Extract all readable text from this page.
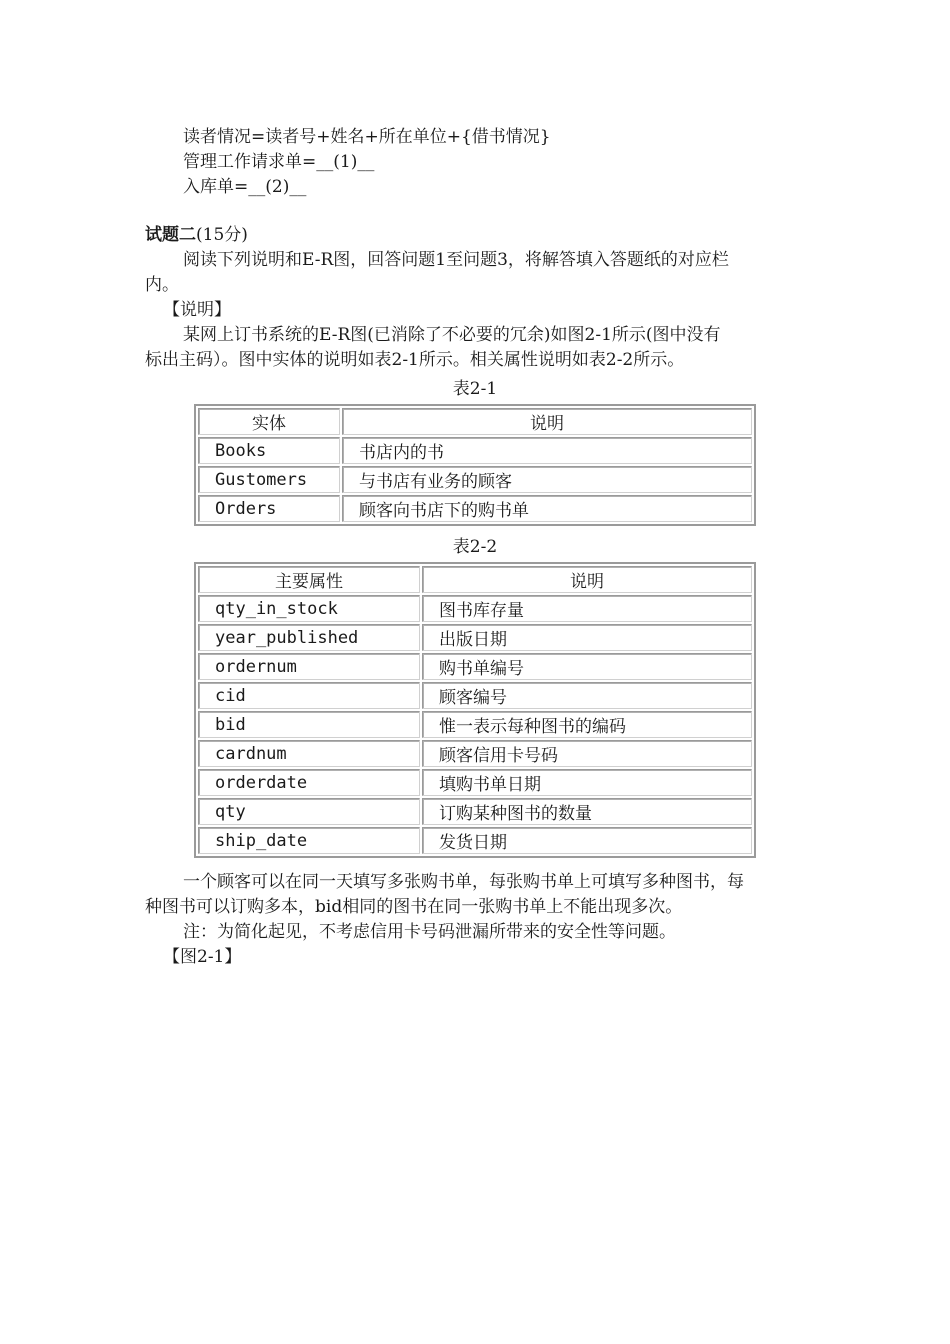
读者情况=读者号+姓名+所在单位+{借书情况}
管理工作请求单=__(1)__
入库单=__(2)__
试题二(15分)
阅读下列说明和E-R图，回答问题1至问题3，将解答填入答题纸的对应栏
内。
【说明】
某网上订书系统的E-R图(已消除了不必要的冗余)如图2-1所示(图中没有
标出主码）。图中实体的说明如表2-1所示。相关属性说明如表2-2所示。
表2-1
实体	说明
Books	书店内的书
Gustomers	与书店有业务的顾客
Orders	顾客向书店下的购书单
表2-2
主要属性	说明
qty_in_stock	图书库存量
year_published	出版日期
ordernum	购书单编号
cid	顾客编号
bid	惟一表示每种图书的编码
cardnum	顾客信用卡号码
orderdate	填购书单日期
qty	订购某种图书的数量
ship_date	发货日期
一个顾客可以在同一天填写多张购书单，每张购书单上可填写多种图书，每
种图书可以订购多本，bid相同的图书在同一张购书单上不能出现多次。
注：为简化起见，不考虑信用卡号码泄漏所带来的安全性等问题。
【图2-1】
